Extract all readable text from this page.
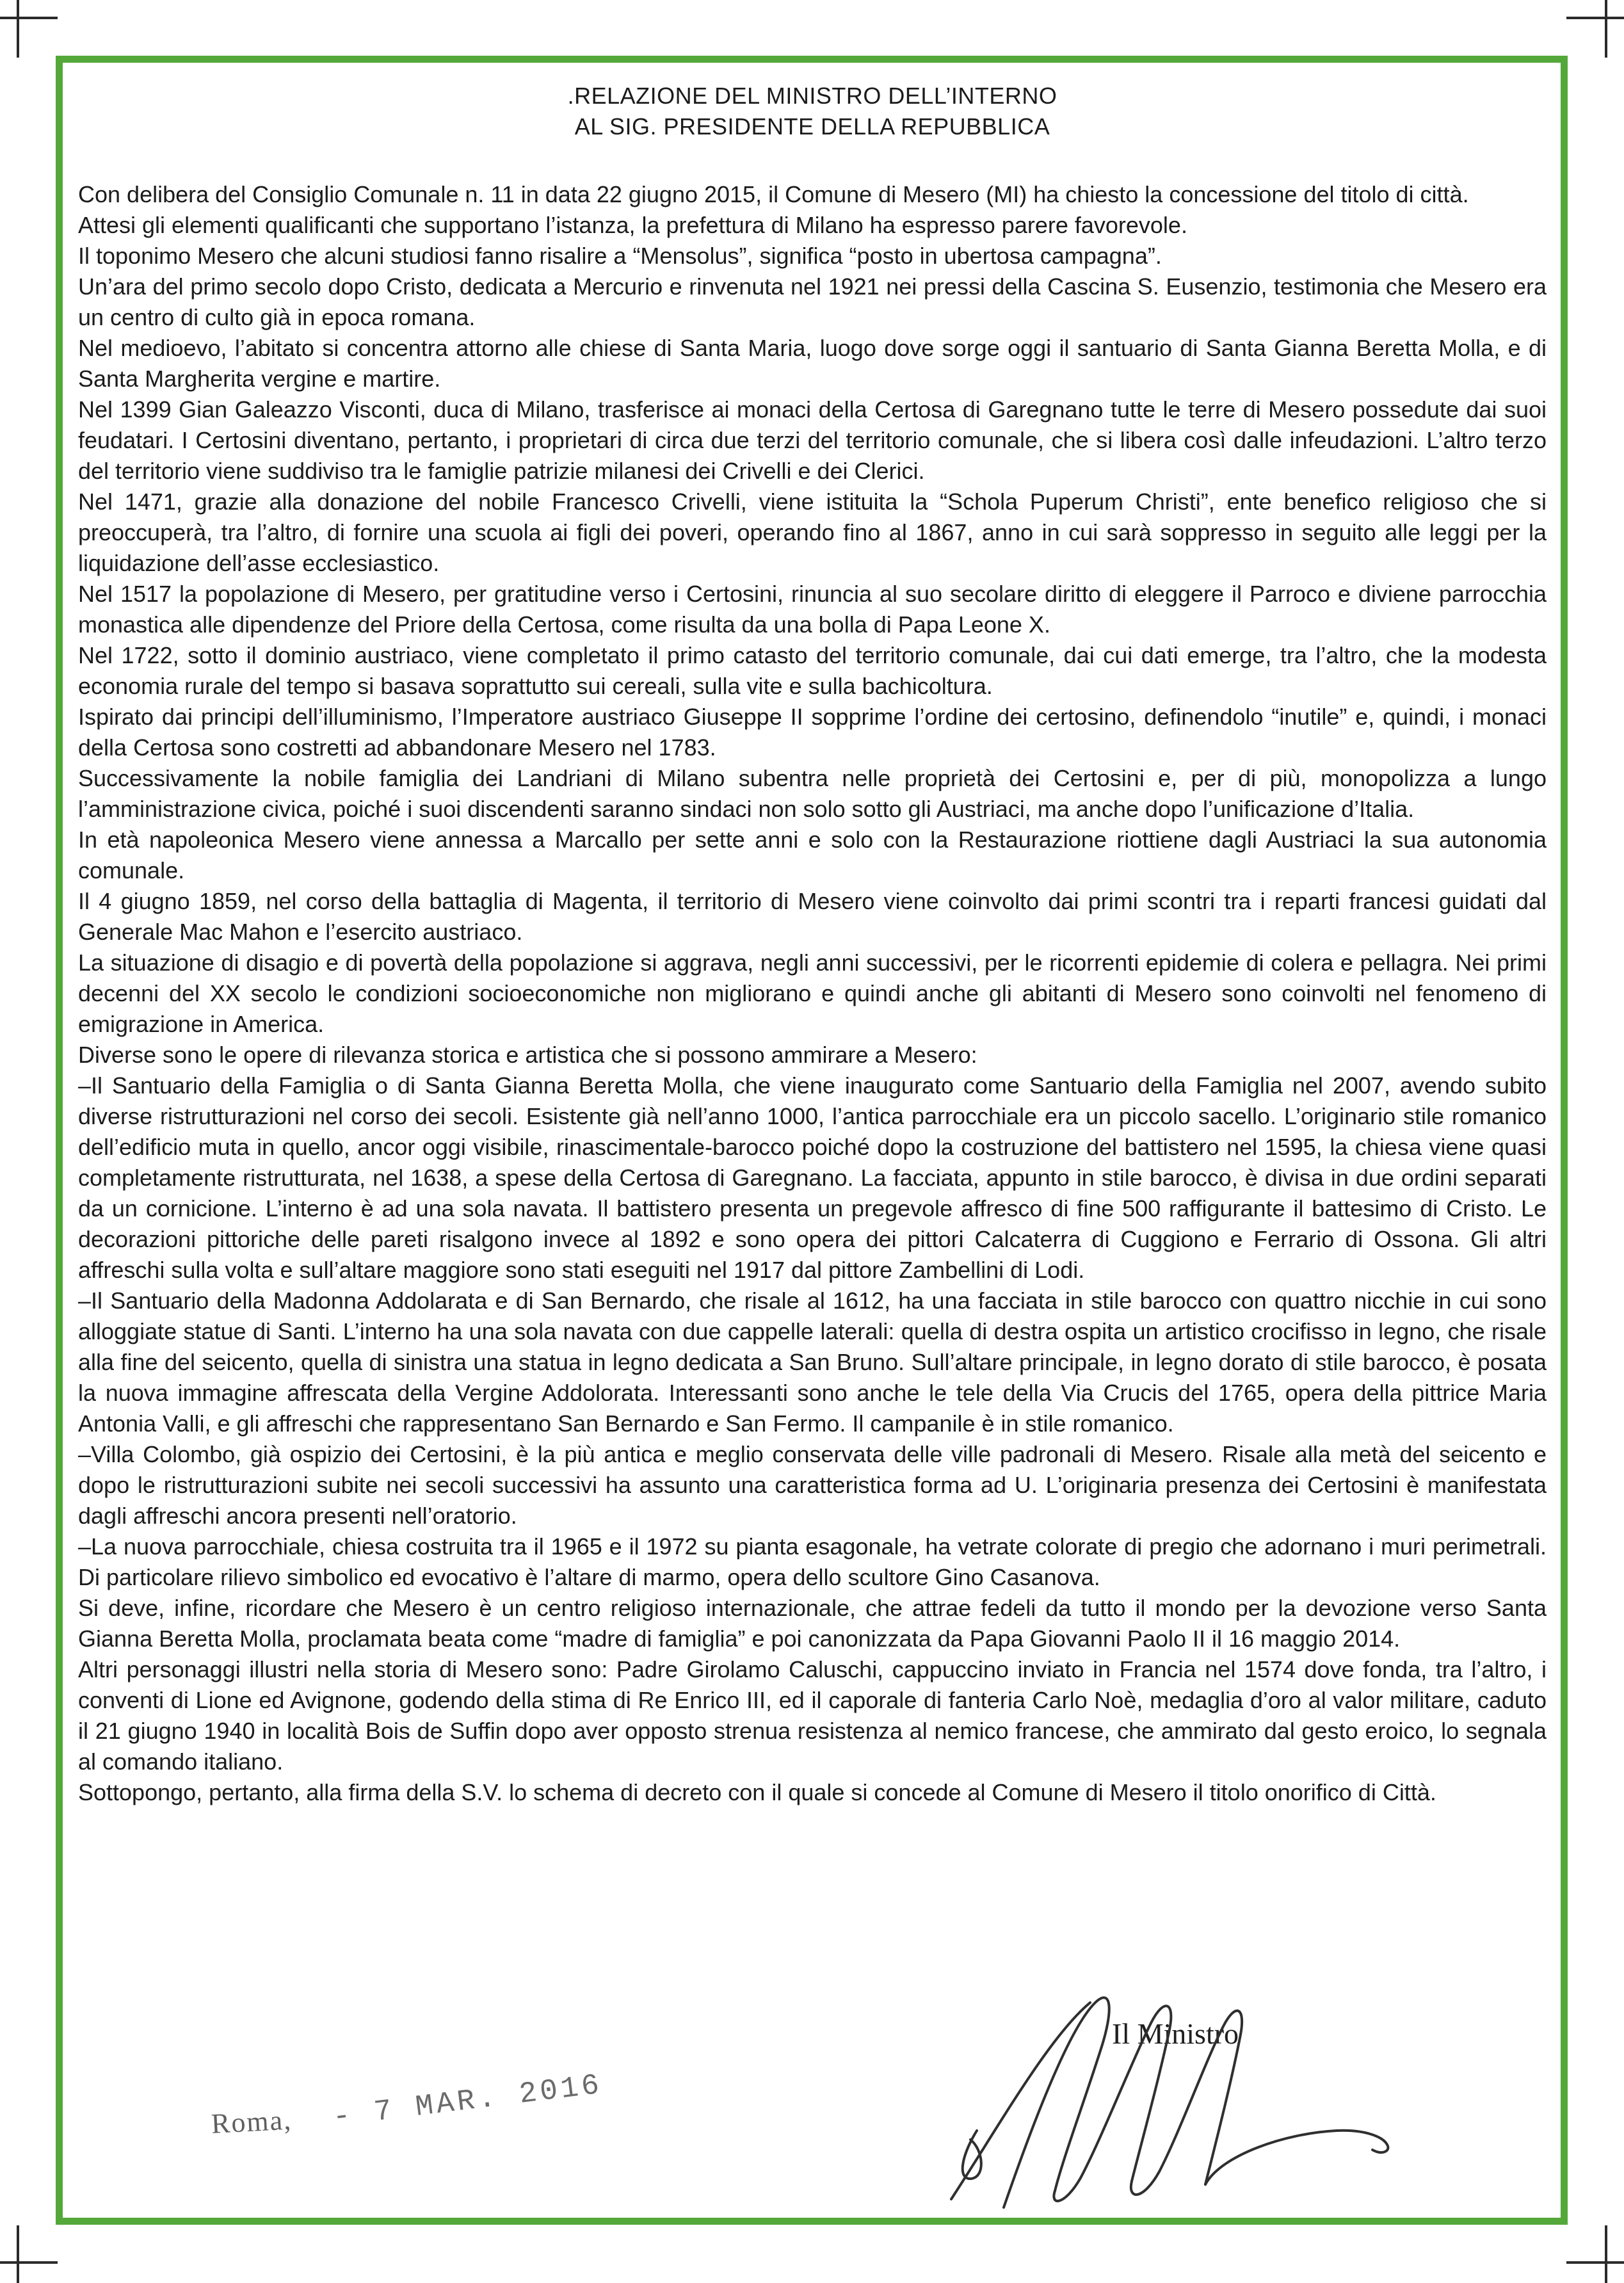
.RELAZIONE DEL MINISTRO DELL’INTERNO
AL SIG. PRESIDENTE DELLA REPUBBLICA

Con delibera del Consiglio Comunale n. 11 in data 22 giugno 2015, il Comune di Mesero (MI) ha chiesto la concessione del titolo di città.

Attesi gli elementi qualificanti che supportano l’istanza, la prefettura di Milano ha espresso parere favorevole.

Il toponimo Mesero che alcuni studiosi fanno risalire a “Mensolus”, significa “posto in ubertosa campagna”.

Un’ara del primo secolo dopo Cristo, dedicata a Mercurio e rinvenuta nel 1921 nei pressi della Cascina S. Eusenzio, testimonia che Mesero era un centro di culto già in epoca romana.

Nel medioevo, l’abitato si concentra attorno alle chiese di Santa Maria, luogo dove sorge oggi il santuario di Santa Gianna Beretta Molla, e di Santa Margherita vergine e martire.

Nel 1399 Gian Galeazzo Visconti, duca di Milano, trasferisce ai monaci della Certosa di Garegnano tutte le terre di Mesero possedute dai suoi feudatari. I Certosini diventano, pertanto, i proprietari di circa due terzi del territorio comunale, che si libera così dalle infeudazioni. L’altro terzo del territorio viene suddiviso tra le famiglie patrizie milanesi dei Crivelli e dei Clerici.

Nel 1471, grazie alla donazione del nobile Francesco Crivelli, viene istituita la “Schola Puperum Christi”, ente benefico religioso che si preoccuperà, tra l’altro, di fornire una scuola ai figli dei poveri, operando fino al 1867, anno in cui sarà soppresso in seguito alle leggi per la liquidazione dell’asse ecclesiastico.

Nel 1517 la popolazione di Mesero, per gratitudine verso i Certosini, rinuncia al suo secolare diritto di eleggere il Parroco e diviene parrocchia monastica alle dipendenze del Priore della Certosa, come risulta da una bolla di Papa Leone X.

Nel 1722, sotto il dominio austriaco, viene completato il primo catasto del territorio comunale, dai cui dati emerge, tra l’altro, che la modesta economia rurale del tempo si basava soprattutto sui cereali, sulla vite e sulla bachicoltura.

Ispirato dai principi dell’illuminismo, l’Imperatore austriaco Giuseppe II sopprime l’ordine dei certosino, definendolo “inutile” e, quindi, i monaci della Certosa sono costretti ad abbandonare Mesero nel 1783.

Successivamente la nobile famiglia dei Landriani di Milano subentra nelle proprietà dei Certosini e, per di più, monopolizza a lungo l’amministrazione civica, poiché i suoi discendenti saranno sindaci non solo sotto gli Austriaci, ma anche dopo l’unificazione d’Italia.

In età napoleonica Mesero viene annessa a Marcallo per sette anni e solo con la Restaurazione riottiene dagli Austriaci la sua autonomia comunale.

Il 4 giugno 1859, nel corso della battaglia di Magenta, il territorio di Mesero viene coinvolto dai primi scontri tra i reparti francesi guidati dal Generale Mac Mahon e l’esercito austriaco.

La situazione di disagio e di povertà della popolazione si aggrava, negli anni successivi, per le ricorrenti epidemie di colera e pellagra. Nei primi decenni del XX secolo le condizioni socioeconomiche non migliorano e quindi anche gli abitanti di Mesero sono coinvolti nel fenomeno di emigrazione in America.

Diverse sono le opere di rilevanza storica e artistica che si possono ammirare a Mesero:

–Il Santuario della Famiglia o di Santa Gianna Beretta Molla, che viene inaugurato come Santuario della Famiglia nel 2007, avendo subito diverse ristrutturazioni nel corso dei secoli. Esistente già nell’anno 1000, l’antica parrocchiale era un piccolo sacello. L’originario stile romanico dell’edificio muta in quello, ancor oggi visibile, rinascimentale-barocco poiché dopo la costruzione del battistero nel 1595, la chiesa viene quasi completamente ristrutturata, nel 1638, a spese della Certosa di Garegnano. La facciata, appunto in stile barocco, è divisa in due ordini separati da un cornicione. L’interno è ad una sola navata. Il battistero presenta un pregevole affresco di fine 500 raffigurante il battesimo di Cristo. Le decorazioni pittoriche delle pareti risalgono invece al 1892 e sono opera dei pittori Calcaterra di Cuggiono e Ferrario di Ossona. Gli altri affreschi sulla volta e sull’altare maggiore sono stati eseguiti nel 1917 dal pittore Zambellini di Lodi.

–Il Santuario della Madonna Addolarata e di San Bernardo, che risale al 1612, ha una facciata in stile barocco con quattro nicchie in cui sono alloggiate statue di Santi. L’interno ha una sola navata con due cappelle laterali: quella di destra ospita un artistico crocifisso in legno, che risale alla fine del seicento, quella di sinistra una statua in legno dedicata a San Bruno. Sull’altare principale, in legno dorato di stile barocco, è posata la nuova immagine affrescata della Vergine Addolorata. Interessanti sono anche le tele della Via Crucis del 1765, opera della pittrice Maria Antonia Valli, e gli affreschi che rappresentano San Bernardo e San Fermo. Il campanile è in stile romanico.

–Villa Colombo, già ospizio dei Certosini, è la più antica e meglio conservata delle ville padronali di Mesero. Risale alla metà del seicento e dopo le ristrutturazioni subite nei secoli successivi ha assunto una caratteristica forma ad U. L’originaria presenza dei Certosini è manifestata dagli affreschi ancora presenti nell’oratorio.

–La nuova parrocchiale, chiesa costruita tra il 1965 e il 1972 su pianta esagonale, ha vetrate colorate di pregio che adornano i muri perimetrali. Di particolare rilievo simbolico ed evocativo è l’altare di marmo, opera dello scultore Gino Casanova.

Si deve, infine, ricordare che Mesero è un centro religioso internazionale, che attrae fedeli da tutto il mondo per la devozione verso Santa Gianna Beretta Molla, proclamata beata come “madre di famiglia” e poi canonizzata da Papa Giovanni Paolo II il 16 maggio 2014.

Altri personaggi illustri nella storia di Mesero sono: Padre Girolamo Caluschi, cappuccino inviato in Francia nel 1574 dove fonda, tra l’altro, i conventi di Lione ed Avignone, godendo della stima di Re Enrico III, ed il caporale di fanteria Carlo Noè, medaglia d’oro al valor militare, caduto il 21 giugno 1940 in località Bois de Suffin dopo aver opposto strenua resistenza al nemico francese, che ammirato dal gesto eroico, lo segnala al comando italiano.

Sottopongo, pertanto, alla firma della S.V. lo schema di decreto con il quale si concede al Comune di Mesero il titolo onorifico di Città.

Roma, - 7 MAR. 2016
Il Ministro
